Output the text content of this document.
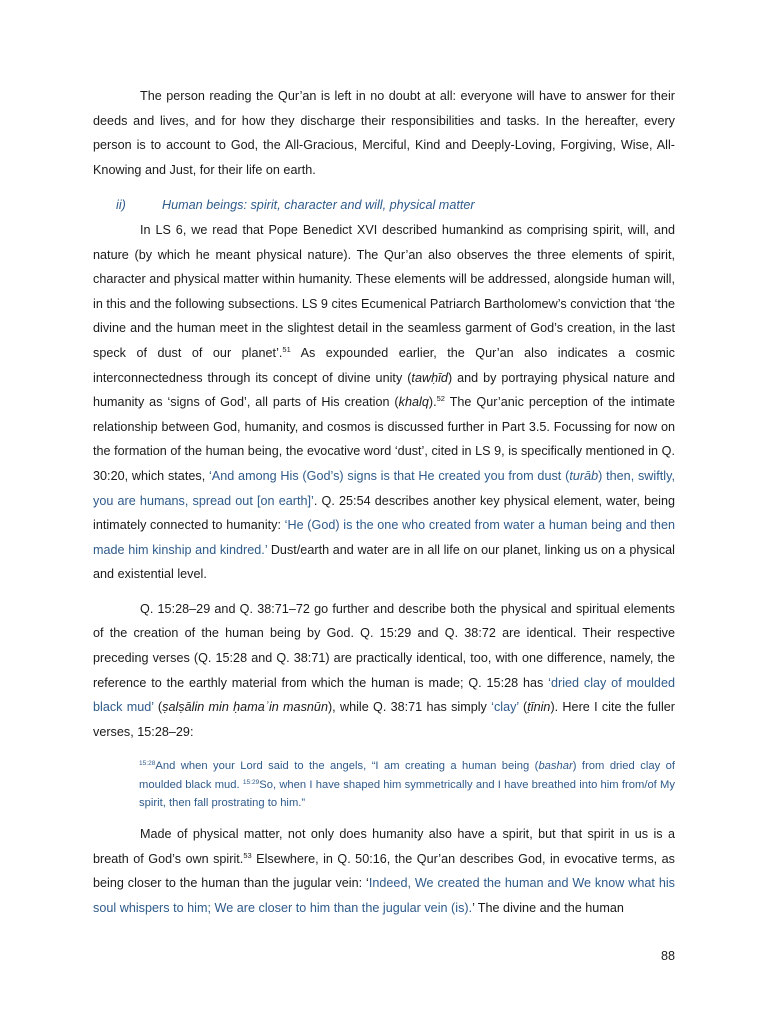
The person reading the Qur’an is left in no doubt at all: everyone will have to answer for their deeds and lives, and for how they discharge their responsibilities and tasks. In the hereafter, every person is to account to God, the All-Gracious, Merciful, Kind and Deeply-Loving, Forgiving, Wise, All-Knowing and Just, for their life on earth.

ii)	Human beings: spirit, character and will, physical matter

In LS 6, we read that Pope Benedict XVI described humankind as comprising spirit, will, and nature (by which he meant physical nature). The Qur’an also observes the three elements of spirit, character and physical matter within humanity. These elements will be addressed, alongside human will, in this and the following subsections. LS 9 cites Ecumenical Patriarch Bartholomew’s conviction that ‘the divine and the human meet in the slightest detail in the seamless garment of God’s creation, in the last speck of dust of our planet’.$^{51}$ As expounded earlier, the Qur’an also indicates a cosmic interconnectedness through its concept of divine unity (tawḥīd) and by portraying physical nature and humanity as ‘signs of God’, all parts of His creation (khalq).$^{52}$ The Qur’anic perception of the intimate relationship between God, humanity, and cosmos is discussed further in Part 3.5. Focussing for now on the formation of the human being, the evocative word ‘dust’, cited in LS 9, is specifically mentioned in Q. 30:20, which states, ‘And among His (God’s) signs is that He created you from dust (turāb) then, swiftly, you are humans, spread out [on earth]’. Q. 25:54 describes another key physical element, water, being intimately connected to humanity: ‘He (God) is the one who created from water a human being and then made him kinship and kindred.’ Dust/earth and water are in all life on our planet, linking us on a physical and existential level.

Q. 15:28–29 and Q. 38:71–72 go further and describe both the physical and spiritual elements of the creation of the human being by God. Q. 15:29 and Q. 38:72 are identical. Their respective preceding verses (Q. 15:28 and Q. 38:71) are practically identical, too, with one difference, namely, the reference to the earthly material from which the human is made; Q. 15:28 has ‘dried clay of moulded black mud’ (ṣalṣālin min ḥamaʾin masnūn), while Q. 38:71 has simply ‘clay’ (ṭīnin). Here I cite the fuller verses, 15:28–29:

$^{15:28}$And when your Lord said to the angels, “I am creating a human being (bashar) from dried clay of moulded black mud. $^{15:29}$So, when I have shaped him symmetrically and I have breathed into him from/of My spirit, then fall prostrating to him.”

Made of physical matter, not only does humanity also have a spirit, but that spirit in us is a breath of God’s own spirit.$^{53}$ Elsewhere, in Q. 50:16, the Qur’an describes God, in evocative terms, as being closer to the human than the jugular vein: ‘Indeed, We created the human and We know what his soul whispers to him; We are closer to him than the jugular vein (is).’ The divine and the human

88
